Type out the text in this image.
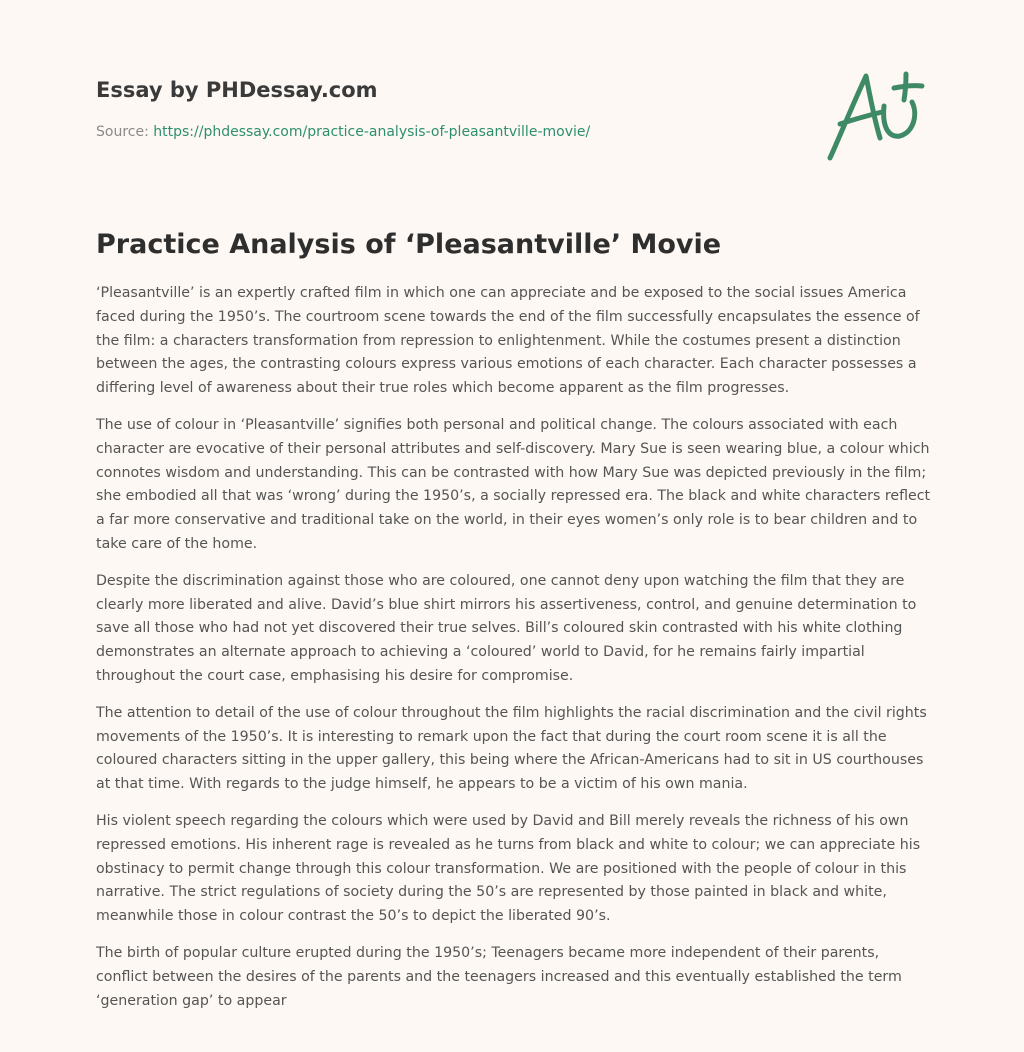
Essay by PHDessay.com
Source: https://phdessay.com/practice-analysis-of-pleasantville-movie/
Practice Analysis of ‘Pleasantville’ Movie

‘Pleasantville’ is an expertly crafted film in which one can appreciate and be exposed to the social issues America faced during the 1950’s. The courtroom scene towards the end of the film successfully encapsulates the essence of the film: a characters transformation from repression to enlightenment. While the costumes present a distinction between the ages, the contrasting colours express various emotions of each character. Each character possesses a differing level of awareness about their true roles which become apparent as the film progresses.

The use of colour in ‘Pleasantville’ signifies both personal and political change. The colours associated with each character are evocative of their personal attributes and self-discovery. Mary Sue is seen wearing blue, a colour which connotes wisdom and understanding. This can be contrasted with how Mary Sue was depicted previously in the film; she embodied all that was ‘wrong’ during the 1950’s, a socially repressed era. The black and white characters reflect a far more conservative and traditional take on the world, in their eyes women’s only role is to bear children and to take care of the home.

Despite the discrimination against those who are coloured, one cannot deny upon watching the film that they are clearly more liberated and alive. David’s blue shirt mirrors his assertiveness, control, and genuine determination to save all those who had not yet discovered their true selves. Bill’s coloured skin contrasted with his white clothing demonstrates an alternate approach to achieving a ‘coloured’ world to David, for he remains fairly impartial throughout the court case, emphasising his desire for compromise.

The attention to detail of the use of colour throughout the film highlights the racial discrimination and the civil rights movements of the 1950’s. It is interesting to remark upon the fact that during the court room scene it is all the coloured characters sitting in the upper gallery, this being where the African-Americans had to sit in US courthouses at that time. With regards to the judge himself, he appears to be a victim of his own mania.

His violent speech regarding the colours which were used by David and Bill merely reveals the richness of his own repressed emotions. His inherent rage is revealed as he turns from black and white to colour; we can appreciate his obstinacy to permit change through this colour transformation. We are positioned with the people of colour in this narrative. The strict regulations of society during the 50’s are represented by those painted in black and white, meanwhile those in colour contrast the 50’s to depict the liberated 90’s.

The birth of popular culture erupted during the 1950’s; Teenagers became more independent of their parents, conflict between the desires of the parents and the teenagers increased and this eventually established the term ‘generation gap’ to appear
